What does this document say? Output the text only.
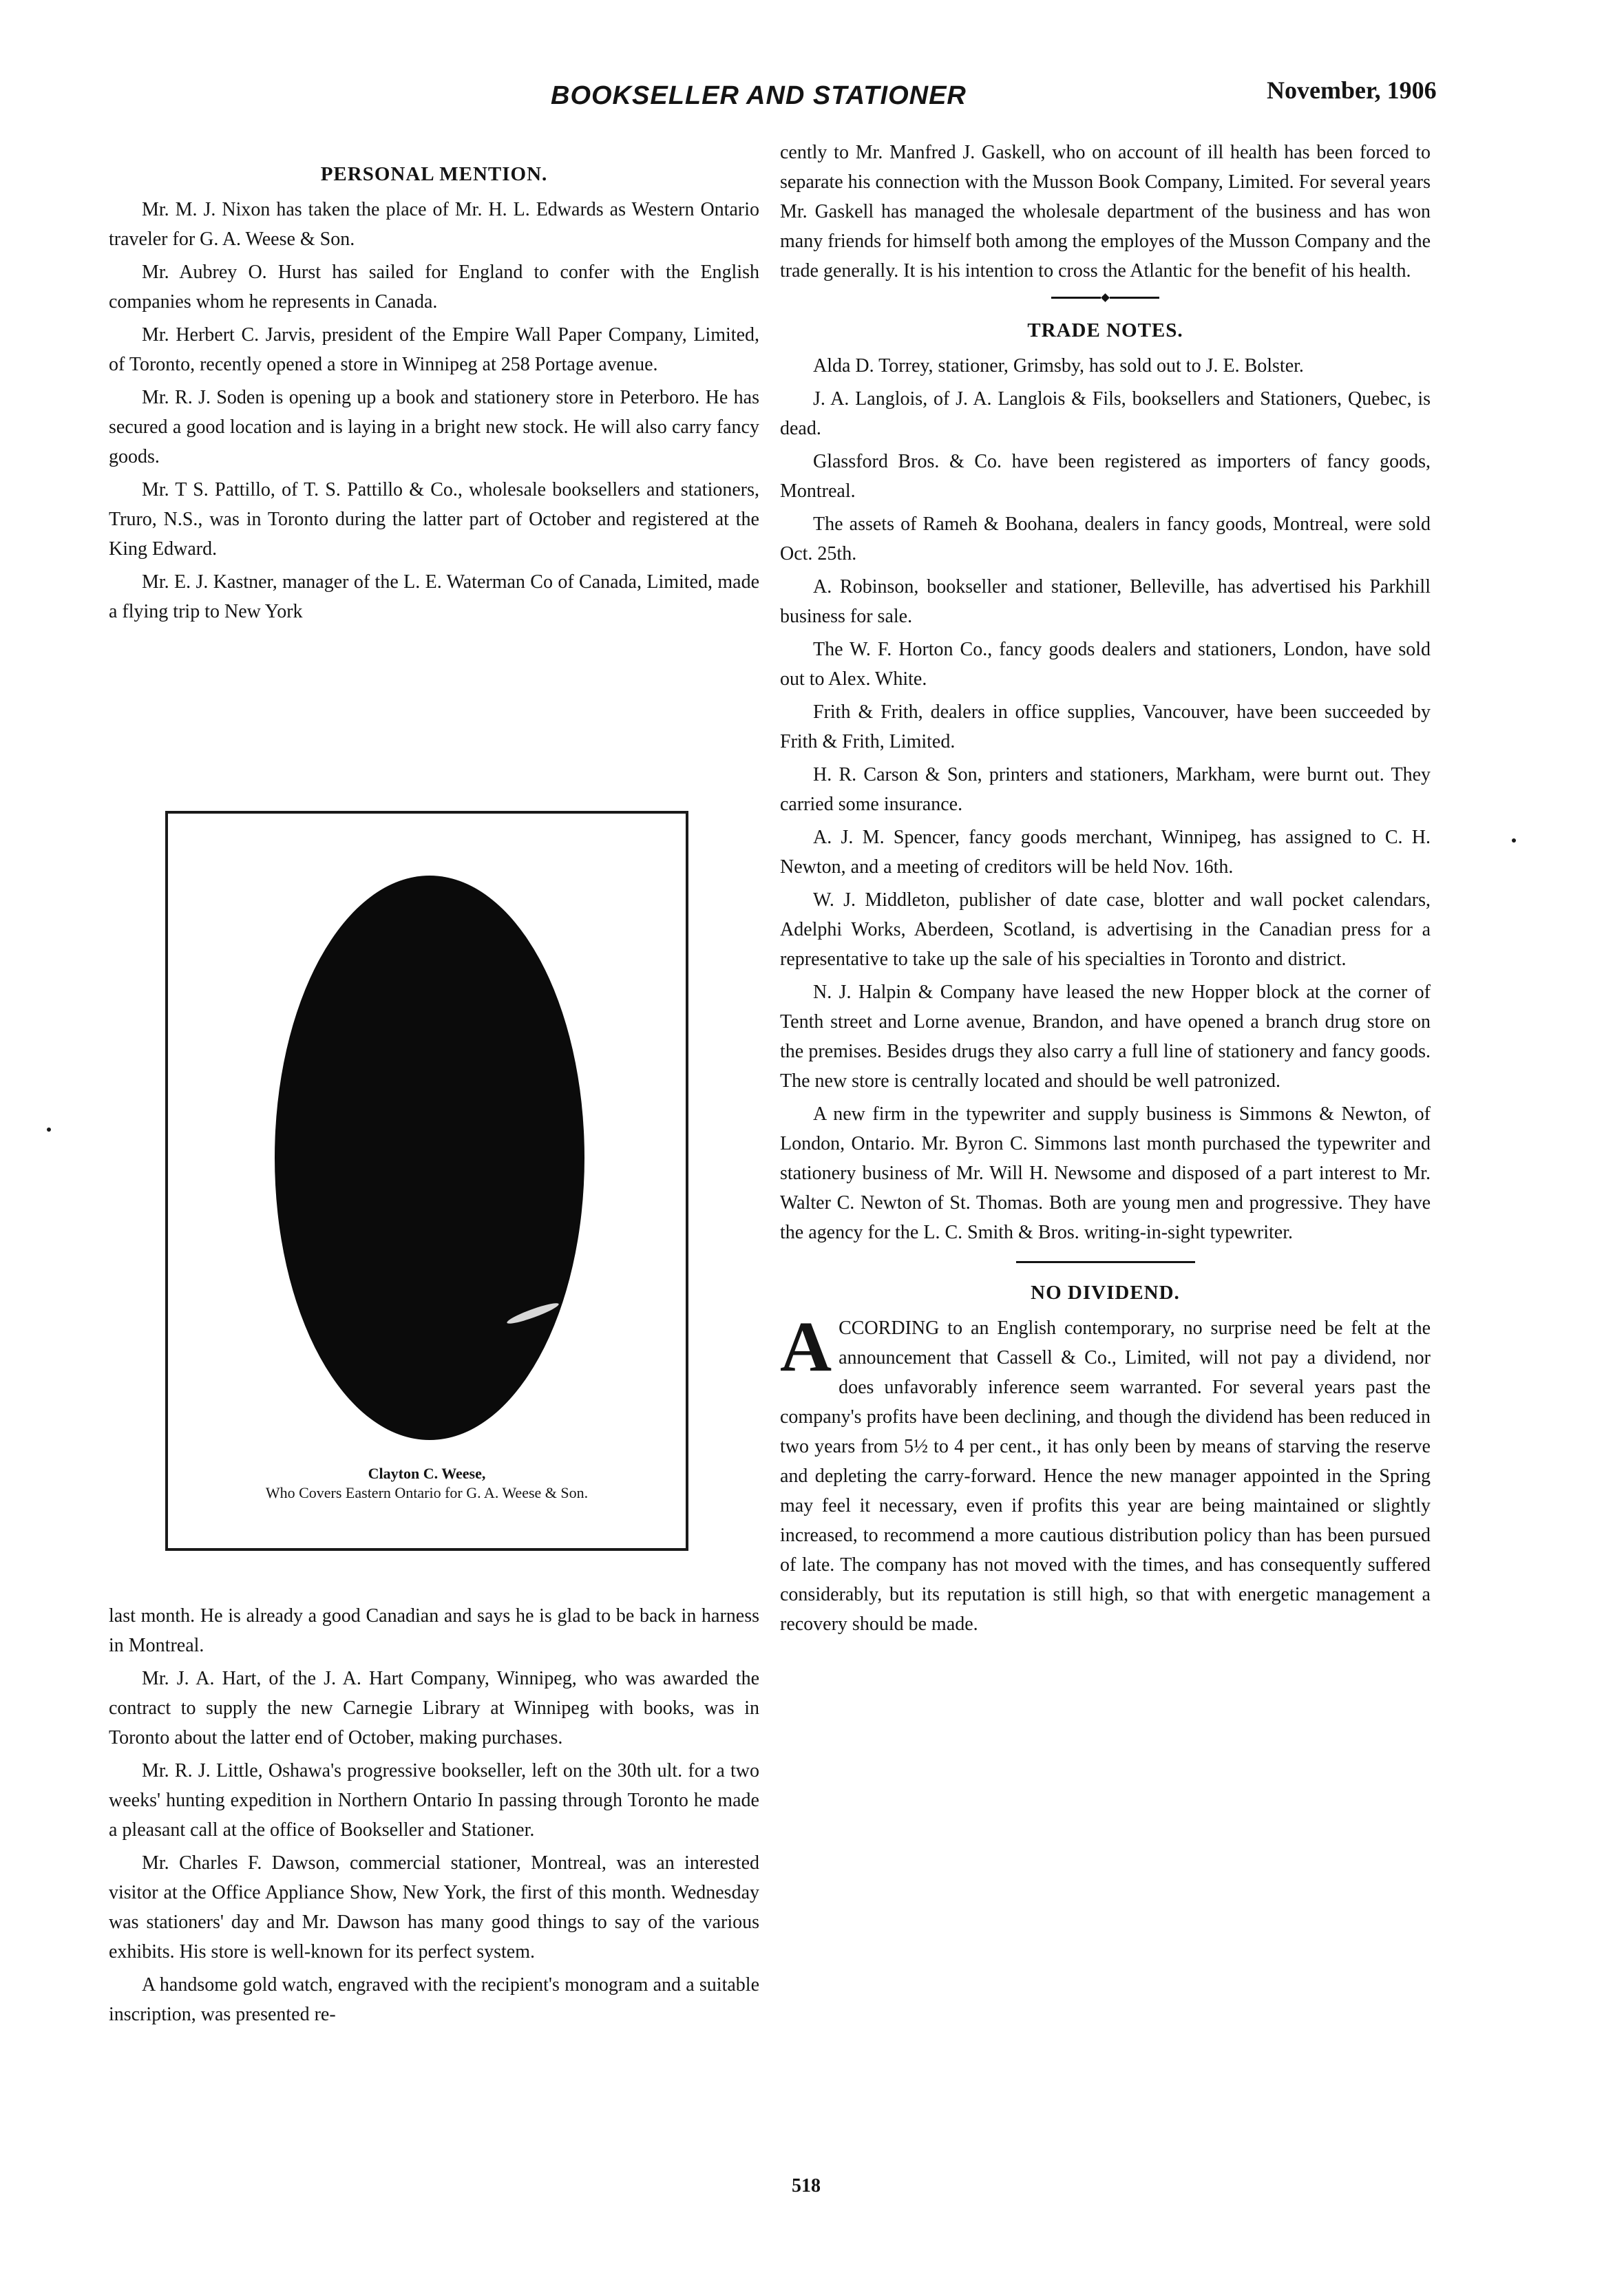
BOOKSELLER AND STATIONER	November, 1906
PERSONAL MENTION.

Mr. M. J. Nixon has taken the place of Mr. H. L. Edwards as Western Ontario traveler for G. A. Weese & Son.

Mr. Aubrey O. Hurst has sailed for England to confer with the English companies whom he represents in Canada.

Mr. Herbert C. Jarvis, president of the Empire Wall Paper Company, Limited, of Toronto, recently opened a store in Winnipeg at 258 Portage avenue.

Mr. R. J. Soden is opening up a book and stationery store in Peterboro. He has secured a good location and is laying in a bright new stock. He will also carry fancy goods.

Mr. T S. Pattillo, of T. S. Pattillo & Co., wholesale booksellers and stationers, Truro, N.S., was in Toronto during the latter part of October and registered at the King Edward.

Mr. E. J. Kastner, manager of the L. E. Waterman Co of Canada, Limited, made a flying trip to New York

Clayton C. Weese,
Who Covers Eastern Ontario for G. A. Weese & Son.

last month. He is already a good Canadian and says he is glad to be back in harness in Montreal.

Mr. J. A. Hart, of the J. A. Hart Company, Winnipeg, who was awarded the contract to supply the new Carnegie Library at Winnipeg with books, was in Toronto about the latter end of October, making purchases.

Mr. R. J. Little, Oshawa's progressive bookseller, left on the 30th ult. for a two weeks' hunting expedition in Northern Ontario In passing through Toronto he made a pleasant call at the office of Bookseller and Stationer.

Mr. Charles F. Dawson, commercial stationer, Montreal, was an interested visitor at the Office Appliance Show, New York, the first of this month. Wednesday was stationers' day and Mr. Dawson has many good things to say of the various exhibits. His store is well-known for its perfect system.

A handsome gold watch, engraved with the recipient's monogram and a suitable inscription, was presented re-

cently to Mr. Manfred J. Gaskell, who on account of ill health has been forced to separate his connection with the Musson Book Company, Limited. For several years Mr. Gaskell has managed the wholesale department of the business and has won many friends for himself both among the employes of the Musson Company and the trade generally. It is his intention to cross the Atlantic for the benefit of his health.

TRADE NOTES.

Alda D. Torrey, stationer, Grimsby, has sold out to J. E. Bolster.

J. A. Langlois, of J. A. Langlois & Fils, booksellers and Stationers, Quebec, is dead.

Glassford Bros. & Co. have been registered as importers of fancy goods, Montreal.

The assets of Rameh & Boohana, dealers in fancy goods, Montreal, were sold Oct. 25th.

A. Robinson, bookseller and stationer, Belleville, has advertised his Parkhill business for sale.

The W. F. Horton Co., fancy goods dealers and stationers, London, have sold out to Alex. White.

Frith & Frith, dealers in office supplies, Vancouver, have been succeeded by Frith & Frith, Limited.

H. R. Carson & Son, printers and stationers, Markham, were burnt out. They carried some insurance.

A. J. M. Spencer, fancy goods merchant, Winnipeg, has assigned to C. H. Newton, and a meeting of creditors will be held Nov. 16th.

W. J. Middleton, publisher of date case, blotter and wall pocket calendars, Adelphi Works, Aberdeen, Scotland, is advertising in the Canadian press for a representative to take up the sale of his specialties in Toronto and district.

N. J. Halpin & Company have leased the new Hopper block at the corner of Tenth street and Lorne avenue, Brandon, and have opened a branch drug store on the premises. Besides drugs they also carry a full line of stationery and fancy goods. The new store is centrally located and should be well patronized.

A new firm in the typewriter and supply business is Simmons & Newton, of London, Ontario. Mr. Byron C. Simmons last month purchased the typewriter and stationery business of Mr. Will H. Newsome and disposed of a part interest to Mr. Walter C. Newton of St. Thomas. Both are young men and progressive. They have the agency for the L. C. Smith & Bros. writing-in-sight typewriter.

NO DIVIDEND.

ACCORDING to an English contemporary, no surprise need be felt at the announcement that Cassell & Co., Limited, will not pay a dividend, nor does unfavorably inference seem warranted. For several years past the company's profits have been declining, and though the dividend has been reduced in two years from 5½ to 4 per cent., it has only been by means of starving the reserve and depleting the carry-forward. Hence the new manager appointed in the Spring may feel it necessary, even if profits this year are being maintained or slightly increased, to recommend a more cautious distribution policy than has been pursued of late. The company has not moved with the times, and has consequently suffered considerably, but its reputation is still high, so that with energetic management a recovery should be made.

518
